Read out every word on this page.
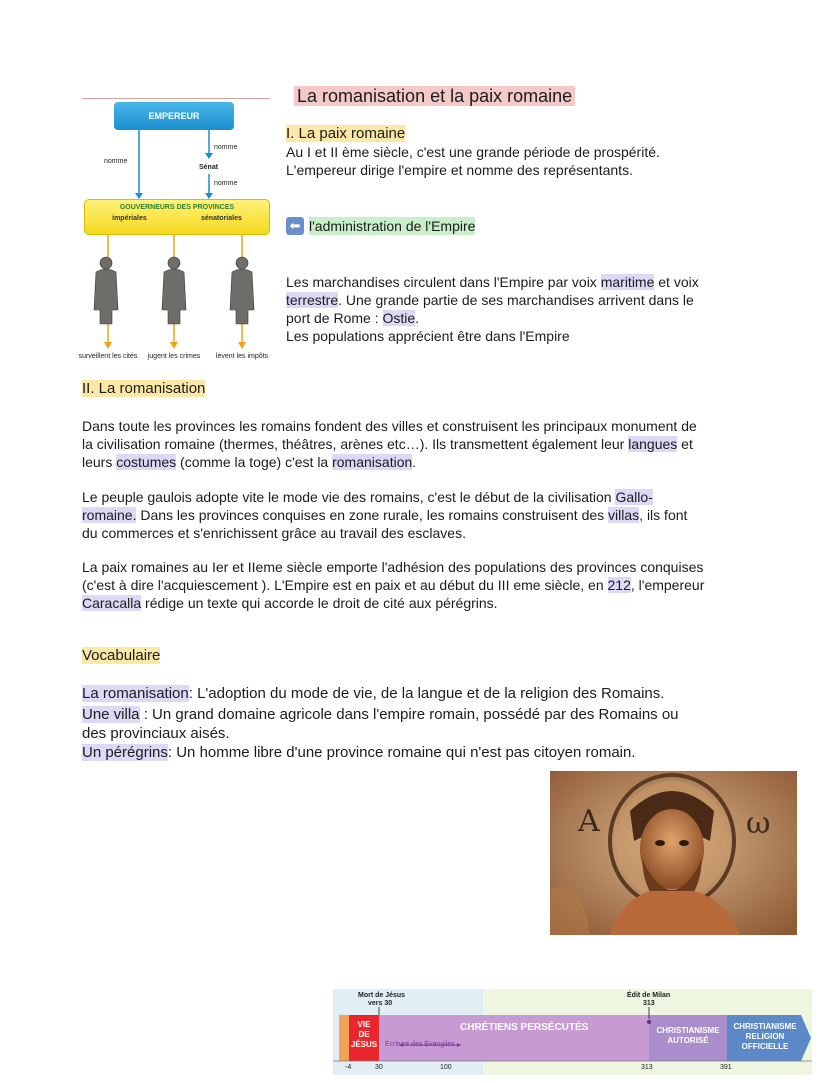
La romanisation et la paix romaine
I. La paix romaine

Au I et II ème siècle, c'est une grande période de prospérité.

L'empereur dirige l'empire et nomme des représentants.

⬅ l'administration de l'Empire

Les marchandises circulent dans l'Empire par voix maritime et voix

terrestre. Une grande partie de ses marchandises arrivent dans le

port de Rome : Ostie.

Les populations apprécient être dans l'Empire

EMPEREUR
nomme
nomme
Sénat
nomme
GOUVERNEURS DES PROVINCES
impériales	sénatoriales
surveillent les cités	jugent les crimes	lèvent les impôts
II. La romanisation

Dans toute les provinces les romains fondent des villes et construisent les principaux monument de

la civilisation romaine (thermes, théâtres, arènes etc…). Ils transmettent également leur langues et

leurs costumes (comme la toge) c'est la romanisation.

Le peuple gaulois adopte vite le mode vie des romains, c'est le début de la civilisation Gallo-

romaine. Dans les provinces conquises en zone rurale, les romains construisent des villas, ils font

du commerces et s'enrichissent grâce au travail des esclaves.

La paix romaines au Ier et IIeme siècle emporte l'adhésion des populations des provinces conquises

(c'est à dire l'acquiescement ). L'Empire est en paix et au début du III eme siècle, en 212, l'empereur

Caracalla rédige un texte qui accorde le droit de cité aux pérégrins.

Vocabulaire

La romanisation: L'adoption du mode de vie, de la langue et de la religion des Romains.

Une villa : Un grand domaine agricole dans l'empire romain, possédé par des Romains ou

des provinciaux aisés.

Un pérégrins: Un homme libre d'une province romaine qui n'est pas citoyen romain.

Α	ω
Mort de Jésus
vers 30
Édit de Milan
313
VIE
DE
JÉSUS
CHRÉTIENS PERSÉCUTÉS
Écriture des Évangiles
CHRISTIANISME
AUTORISÉ
CHRISTIANISME
RELIGION
OFFICIELLE
-4	30	100	313	391
